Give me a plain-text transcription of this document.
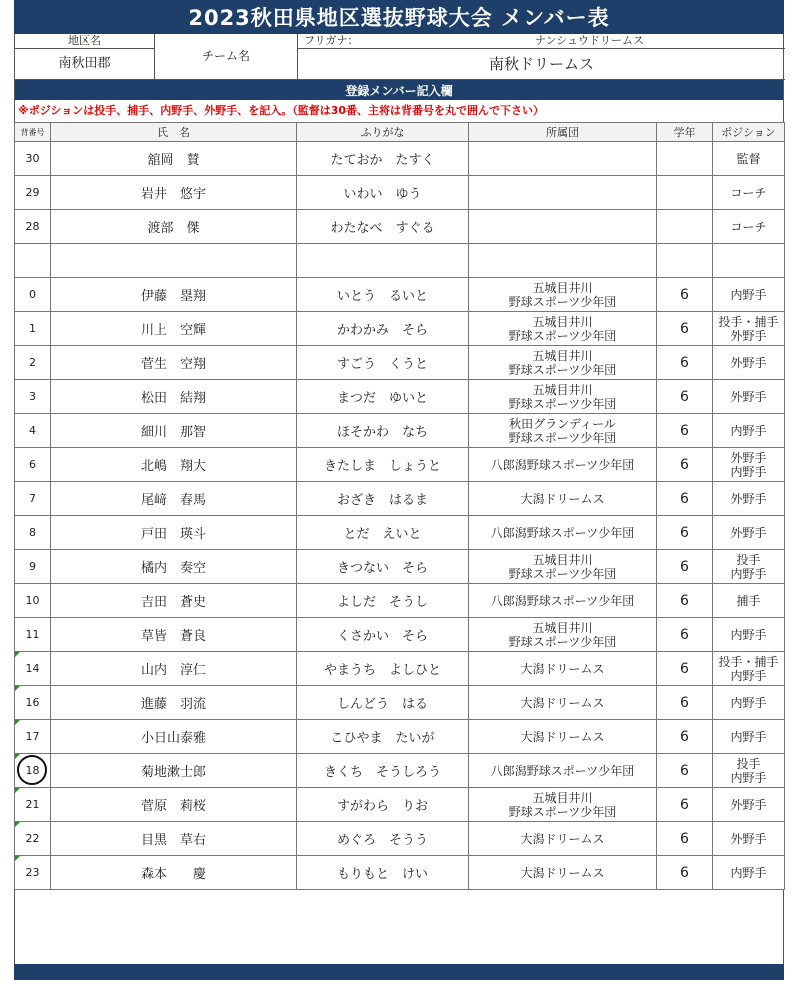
2023秋田県地区選抜野球大会 メンバー表
地区名
南秋田郡	チーム名
フリガナ：	ナンシュウドリームス
南秋ドリームス
登録メンバー記入欄
※ポジションは投手、捕手、内野手、外野手、を記入。（監督は30番、主将は背番号を丸で囲んで下さい）
背番号	氏　名	ふりがな	所属団	学年	ポジション
30	舘岡　賛	たておか　たすく			監督
29	岩井　悠宇	いわい　ゆう			コーチ
28	渡部　傑	わたなべ　すぐる			コーチ

0	伊藤　塁翔	いとう　るいと	五城目井川
野球スポーツ少年団	6	内野手
1	川上　空輝	かわかみ　そら	五城目井川
野球スポーツ少年団	6	投手・捕手
外野手
2	菅生　空翔	すごう　くうと	五城目井川
野球スポーツ少年団	6	外野手
3	松田　結翔	まつだ　ゆいと	五城目井川
野球スポーツ少年団	6	外野手
4	細川　那智	ほそかわ　なち	秋田グランディール
野球スポーツ少年団	6	内野手
6	北嶋　翔大	きたしま　しょうと	八郎潟野球スポーツ少年団	6	外野手
内野手
7	尾﨑　春馬	おざき　はるま	大潟ドリームス	6	外野手
8	戸田　瑛斗	とだ　えいと	八郎潟野球スポーツ少年団	6	外野手
9	橘内　奏空	きつない　そら	五城目井川
野球スポーツ少年団	6	投手
内野手
10	吉田　蒼史	よしだ　そうし	八郎潟野球スポーツ少年団	6	捕手
11	草皆　蒼良	くさかい　そら	五城目井川
野球スポーツ少年団	6	内野手
14	山内　淳仁	やまうち　よしひと	大潟ドリームス	6	投手・捕手
内野手
16	進藤　羽流	しんどう　はる	大潟ドリームス	6	内野手
17	小日山泰雅	こひやま　たいが	大潟ドリームス	6	内野手
18	菊地漱士郎	きくち　そうしろう	八郎潟野球スポーツ少年団	6	投手
内野手
21	菅原　莉桜	すがわら　りお	五城目井川
野球スポーツ少年団	6	外野手
22	目黒　草右	めぐろ　そうう	大潟ドリームス	6	外野手
23	森本　　慶	もりもと　けい	大潟ドリームス	6	内野手
